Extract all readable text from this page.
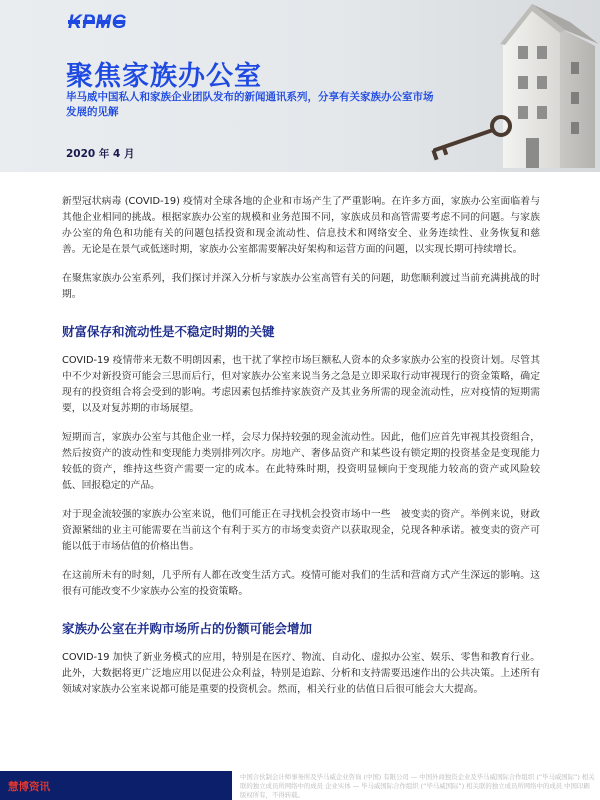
KPMG
聚焦家族办公室
毕马威中国私人和家族企业团队发布的新闻通讯系列，分享有关家族办公室市场发展的见解
2020 年 4 月

新型冠状病毒 (COVID-19) 疫情对全球各地的企业和市场产生了严重影响。在许多方面，家族办公室面临着与其他企业相同的挑战。根据家族办公室的规模和业务范围不同，家族成员和高管需要考虑不同的问题。与家族办公室的角色和功能有关的问题包括投资和现金流动性、信息技术和网络安全、业务连续性、业务恢复和慈善。无论是在景气或低迷时期，家族办公室都需要解决好架构和运营方面的问题，以实现长期可持续增长。

在聚焦家族办公室系列，我们探讨并深入分析与家族办公室高管有关的问题，助您顺利渡过当前充满挑战的时期。

财富保存和流动性是不稳定时期的关键

COVID-19 疫情带来无数不明朗因素，也干扰了掌控市场巨额私人资本的众多家族办公室的投资计划。尽管其中不少对新投资可能会三思而后行，但对家族办公室来说当务之急是立即采取行动审视现行的资金策略，确定现有的投资组合将会受到的影响。考虑因素包括维持家族资产及其业务所需的现金流动性，应对疫情的短期需要，以及对复苏期的市场展望。

短期而言，家族办公室与其他企业一样，会尽力保持较强的现金流动性。因此，他们应首先审视其投资组合，然后按资产的波动性和变现能力类别排列次序。房地产、奢侈品资产和某些设有锁定期的投资基金是变现能力较低的资产，维持这些资产需要一定的成本。在此特殊时期，投资明显倾向于变现能力较高的资产或风险较低、回报稳定的产品。

对于现金流较强的家族办公室来说，他们可能正在寻找机会投资市场中一些　被变卖的资产。举例来说，财政资源紧绌的业主可能需要在当前这个有利于买方的市场变卖资产以获取现金，兑现各种承诺。被变卖的资产可能以低于市场估值的价格出售。

在这前所未有的时刻，几乎所有人都在改变生活方式。疫情可能对我们的生活和营商方式产生深远的影响。这很有可能改变不少家族办公室的投资策略。

家族办公室在并购市场所占的份额可能会增加

COVID-19 加快了新业务模式的应用，特别是在医疗、物流、自动化、虚拟办公室、娱乐、零售和教育行业。此外，大数据将更广泛地应用以促进公众利益，特别是追踪、分析和支持需要迅速作出的公共决策。上述所有领域对家族办公室来说都可能是重要的投资机会。然而，相关行业的估值日后很可能会大大提高。

慧博资讯
中国合伙制会计师事务所及毕马威企业咨询 (中国) 有限公司 — 中国外商独资企业及毕马威国际合作组织 (“毕马威国际”) 相关联的独立成员所网络中的成员 企业实体 — 毕马威国际合作组织 (“毕马威国际”) 相关联的独立成员所网络中的成员 中国印刷 版权所有，不得转载。
